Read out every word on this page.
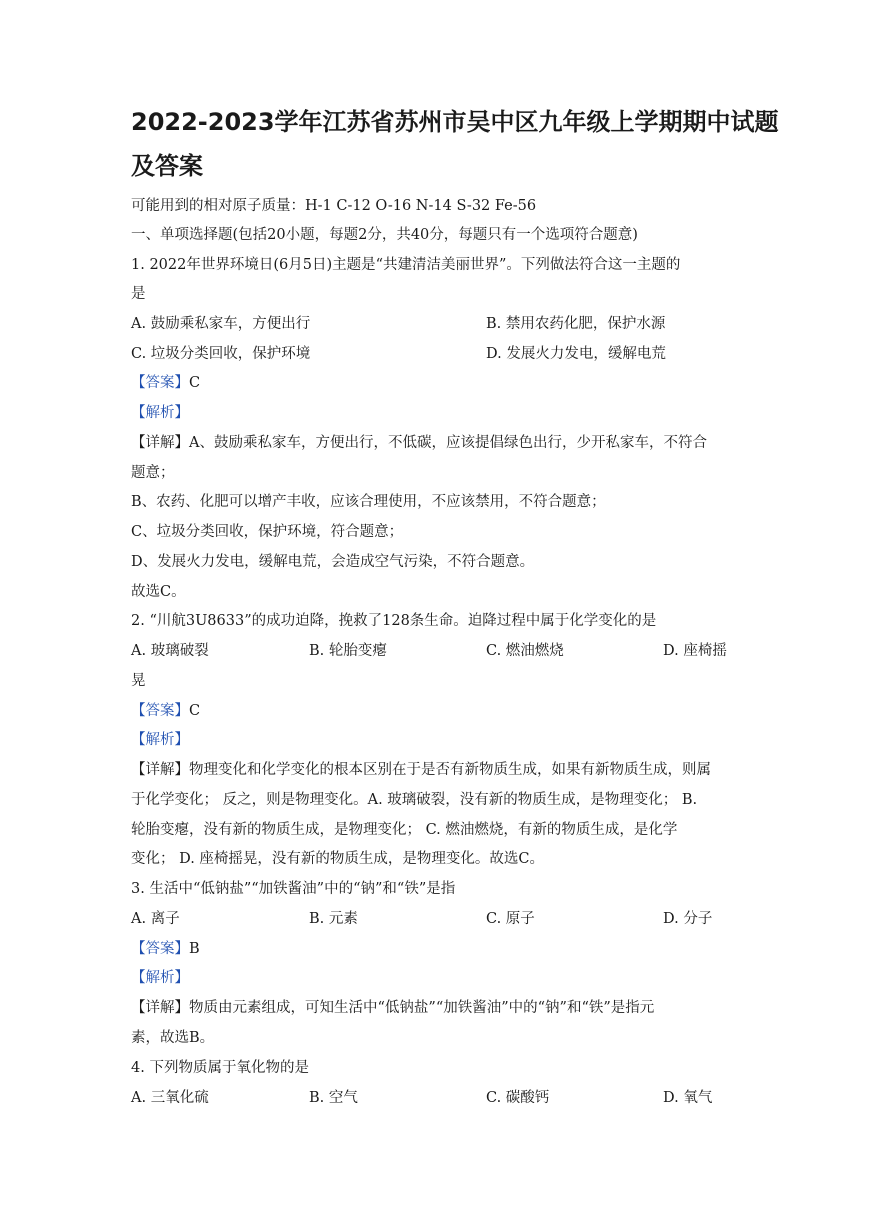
2022-2023学年江苏省苏州市吴中区九年级上学期期中试题
及答案
可能用到的相对原子质量：H-1 C-12 O-16 N-14 S-32 Fe-56
一、单项选择题(包括20小题，每题2分，共40分，每题只有一个选项符合题意)
1. 2022年世界环境日(6月5日)主题是“共建清洁美丽世界”。下列做法符合这一主题的
是
A. 鼓励乘私家车，方便出行	B. 禁用农药化肥，保护水源
C. 垃圾分类回收，保护环境	D. 发展火力发电，缓解电荒
【答案】C
【解析】
【详解】A、鼓励乘私家车，方便出行，不低碳，应该提倡绿色出行，少开私家车，不符合
题意；
B、农药、化肥可以增产丰收，应该合理使用，不应该禁用，不符合题意；
C、垃圾分类回收，保护环境，符合题意；
D、发展火力发电，缓解电荒，会造成空气污染，不符合题意。
故选C。
2. “川航3U8633”的成功迫降，挽救了128条生命。迫降过程中属于化学变化的是
A. 玻璃破裂	B. 轮胎变瘪	C. 燃油燃烧	D. 座椅摇
晃
【答案】C
【解析】
【详解】物理变化和化学变化的根本区别在于是否有新物质生成，如果有新物质生成，则属
于化学变化； 反之，则是物理变化。A. 玻璃破裂，没有新的物质生成，是物理变化； B.
轮胎变瘪，没有新的物质生成，是物理变化； C. 燃油燃烧，有新的物质生成，是化学
变化； D. 座椅摇晃，没有新的物质生成，是物理变化。故选C。
3. 生活中“低钠盐”“加铁酱油”中的“钠”和“铁”是指
A. 离子	B. 元素	C. 原子	D. 分子
【答案】B
【解析】
【详解】物质由元素组成，可知生活中“低钠盐”“加铁酱油”中的“钠”和“铁”是指元
素，故选B。
4. 下列物质属于氧化物的是
A. 三氧化硫	B. 空气	C. 碳酸钙	D. 氧气
